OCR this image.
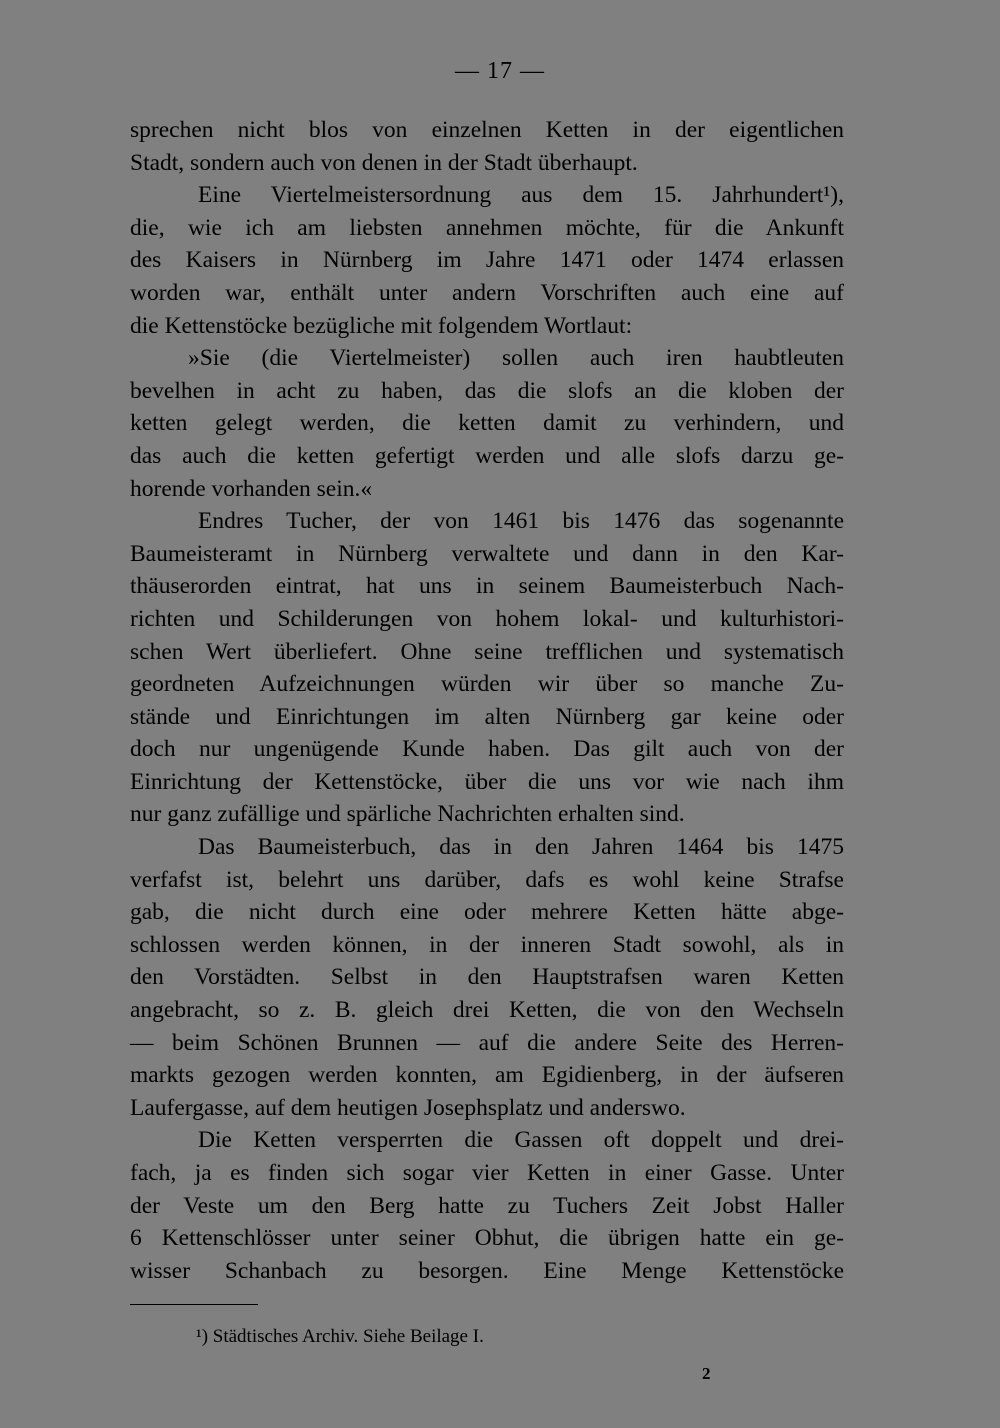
— 17 —
sprechen nicht blos von einzelnen Ketten in der eigentlichen
Stadt, sondern auch von denen in der Stadt überhaupt.
Eine Viertelmeistersordnung aus dem 15. Jahrhundert¹),
die, wie ich am liebsten annehmen möchte, für die Ankunft
des Kaisers in Nürnberg im Jahre 1471 oder 1474 erlassen
worden war, enthält unter andern Vorschriften auch eine auf
die Kettenstöcke bezügliche mit folgendem Wortlaut:
»Sie (die Viertelmeister) sollen auch iren haubtleuten
bevelhen in acht zu haben, das die slofs an die kloben der
ketten gelegt werden, die ketten damit zu verhindern, und
das auch die ketten gefertigt werden und alle slofs darzu ge-
horende vorhanden sein.«
Endres Tucher, der von 1461 bis 1476 das sogenannte
Baumeisteramt in Nürnberg verwaltete und dann in den Kar-
thäuserorden eintrat, hat uns in seinem Baumeisterbuch Nach-
richten und Schilderungen von hohem lokal- und kulturhistori-
schen Wert überliefert. Ohne seine trefflichen und systematisch
geordneten Aufzeichnungen würden wir über so manche Zu-
stände und Einrichtungen im alten Nürnberg gar keine oder
doch nur ungenügende Kunde haben. Das gilt auch von der
Einrichtung der Kettenstöcke, über die uns vor wie nach ihm
nur ganz zufällige und spärliche Nachrichten erhalten sind.
Das Baumeisterbuch, das in den Jahren 1464 bis 1475
verfafst ist, belehrt uns darüber, dafs es wohl keine Strafse
gab, die nicht durch eine oder mehrere Ketten hätte abge-
schlossen werden können, in der inneren Stadt sowohl, als in
den Vorstädten. Selbst in den Hauptstrafsen waren Ketten
angebracht, so z. B. gleich drei Ketten, die von den Wechseln
— beim Schönen Brunnen — auf die andere Seite des Herren-
markts gezogen werden konnten, am Egidienberg, in der äufseren
Laufergasse, auf dem heutigen Josephsplatz und anderswo.
Die Ketten versperrten die Gassen oft doppelt und drei-
fach, ja es finden sich sogar vier Ketten in einer Gasse. Unter
der Veste um den Berg hatte zu Tuchers Zeit Jobst Haller
6 Kettenschlösser unter seiner Obhut, die übrigen hatte ein ge-
wisser Schanbach zu besorgen. Eine Menge Kettenstöcke
¹) Städtisches Archiv. Siehe Beilage I.
2
